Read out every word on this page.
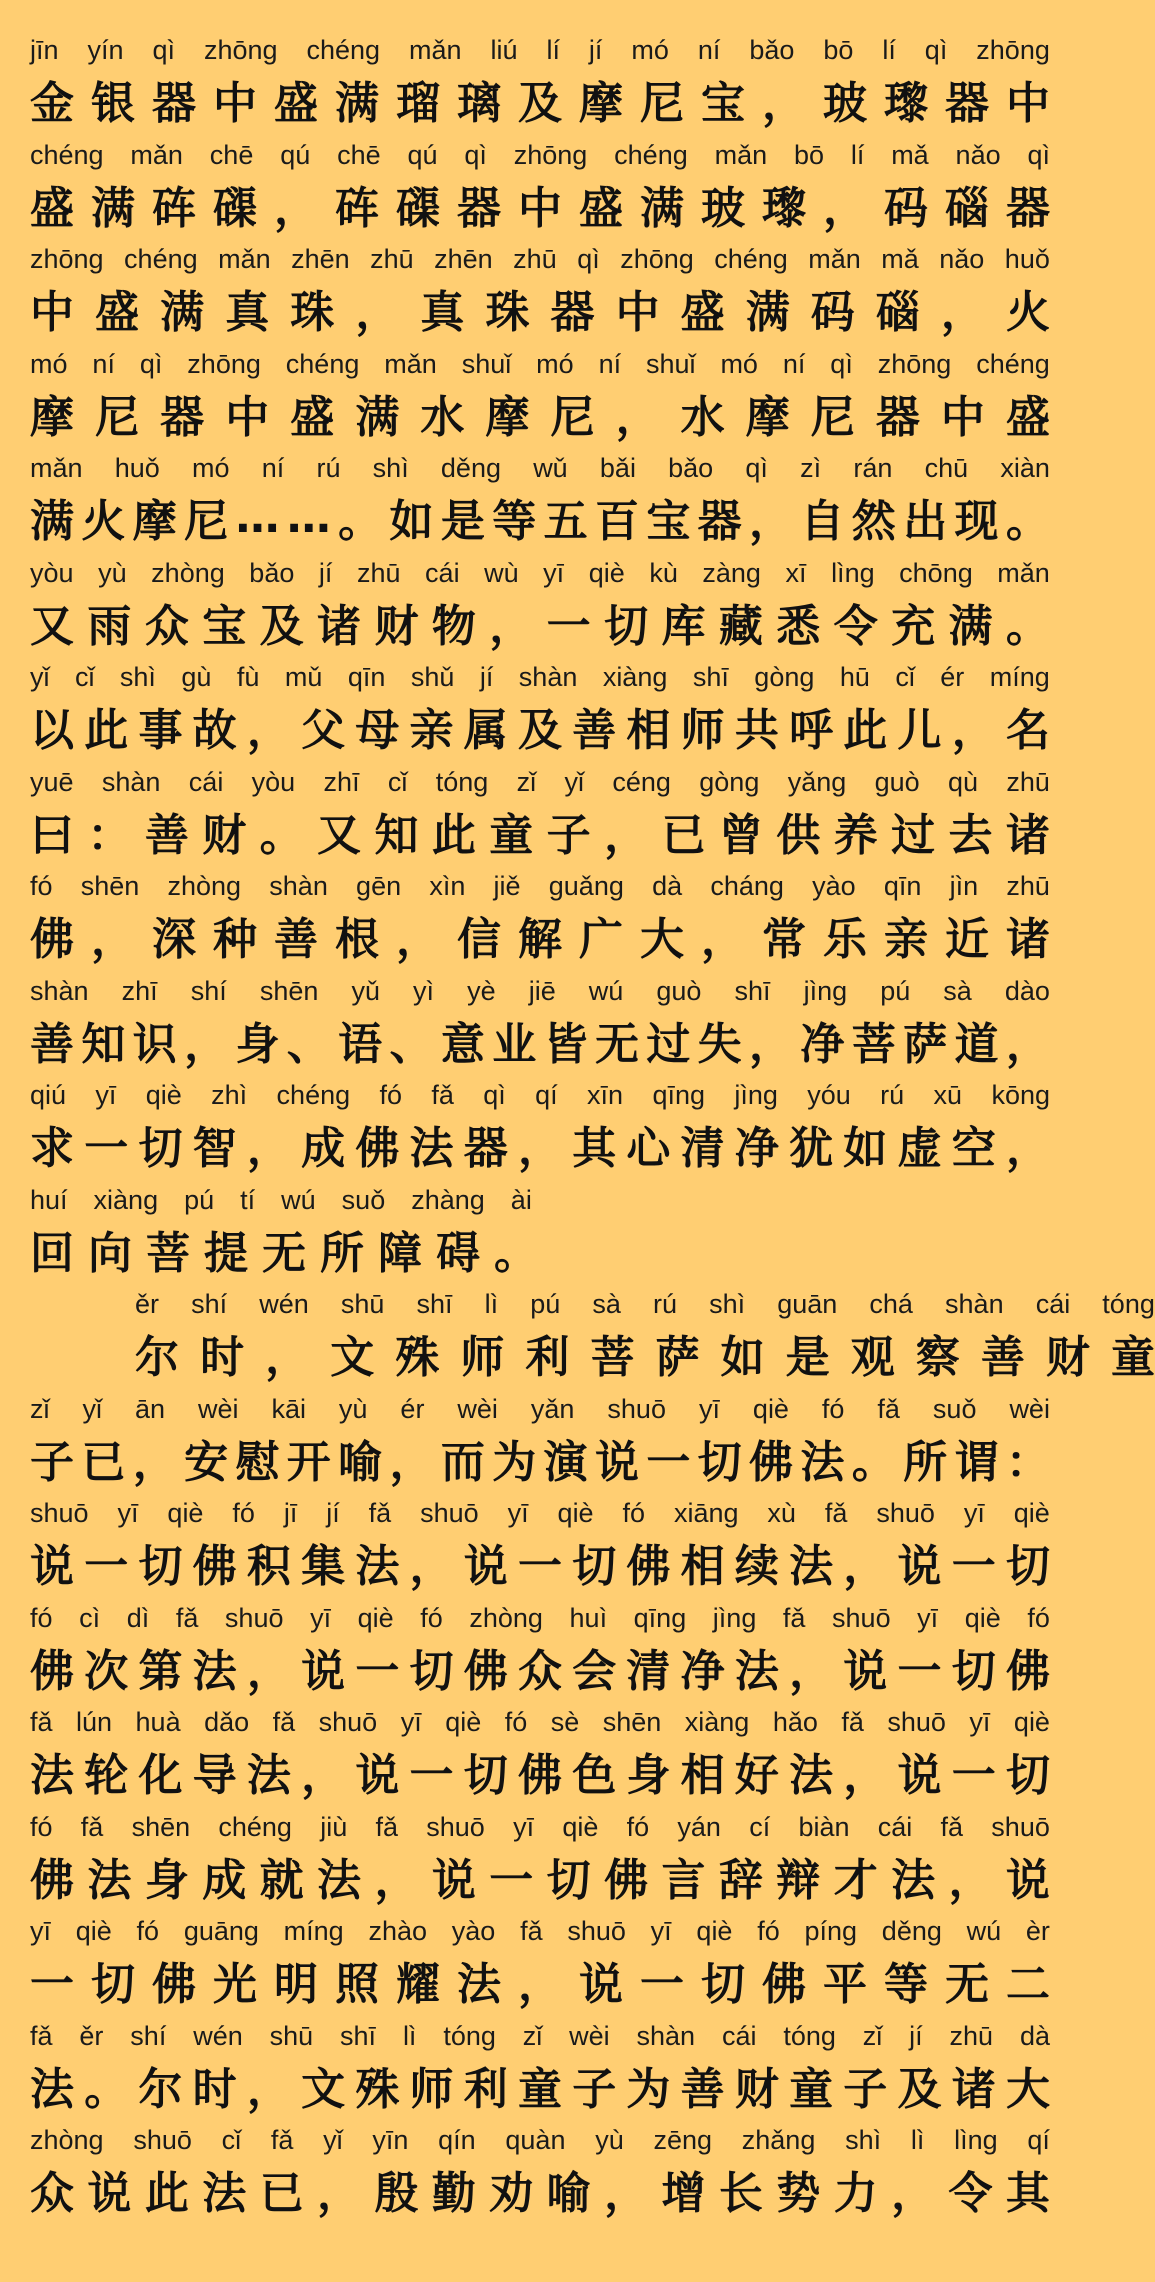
jīn yín qì zhōng chéng mǎn liú lí jí mó ní bǎo bō lí qì zhōng
金 银 器 中 盛 满 瑠 璃 及 摩 尼 宝 ， 玻 瓈 器 中
chéng mǎn chē qú chē qú qì zhōng chéng mǎn bō lí mǎ nǎo qì
盛 满 砗 磲 ， 砗 磲 器 中 盛 满 玻 瓈 ， 码 碯 器
zhōng chéng mǎn zhēn zhū zhēn zhū qì zhōng chéng mǎn mǎ nǎo huǒ
中 盛 满 真 珠 ， 真 珠 器 中 盛 满 码 碯 ， 火
mó ní qì zhōng chéng mǎn shuǐ mó ní shuǐ mó ní qì zhōng chéng
摩 尼 器 中 盛 满 水 摩 尼 ， 水 摩 尼 器 中 盛
mǎn huǒ mó ní rú shì děng wǔ bǎi bǎo qì zì rán chū xiàn
满 火 摩 尼 … … 。 如 是 等 五 百 宝 器 ， 自 然 出 现 。
yòu yù zhòng bǎo jí zhū cái wù yī qiè kù zàng xī lìng chōng mǎn
又 雨 众 宝 及 诸 财 物 ， 一 切 库 藏 悉 令 充 满 。
yǐ cǐ shì gù fù mǔ qīn shǔ jí shàn xiàng shī gòng hū cǐ ér míng
以 此 事 故 ， 父 母 亲 属 及 善 相 师 共 呼 此 儿 ， 名
yuē shàn cái yòu zhī cǐ tóng zǐ yǐ céng gòng yǎng guò qù zhū
曰 ： 善 财 。 又 知 此 童 子 ， 已 曾 供 养 过 去 诸
fó shēn zhòng shàn gēn xìn jiě guǎng dà cháng yào qīn jìn zhū
佛 ， 深 种 善 根 ， 信 解 广 大 ， 常 乐 亲 近 诸
shàn zhī shí shēn yǔ yì yè jiē wú guò shī jìng pú sà dào
善 知 识 ， 身 、 语 、 意 业 皆 无 过 失 ， 净 菩 萨 道 ，
qiú yī qiè zhì chéng fó fǎ qì qí xīn qīng jìng yóu rú xū kōng
求 一 切 智 ， 成 佛 法 器 ， 其 心 清 净 犹 如 虚 空 ，
huí xiàng pú tí wú suǒ zhàng ài
回 向 菩 提 无 所 障 碍 。
ěr shí wén shū shī lì pú sà rú shì guān chá shàn cái tóng
尔 时 ， 文 殊 师 利 菩 萨 如 是 观 察 善 财 童
zǐ yǐ ān wèi kāi yù ér wèi yǎn shuō yī qiè fó fǎ suǒ wèi
子 已 ， 安 慰 开 喻 ， 而 为 演 说 一 切 佛 法 。 所 谓 ：
shuō yī qiè fó jī jí fǎ shuō yī qiè fó xiāng xù fǎ shuō yī qiè
说 一 切 佛 积 集 法 ， 说 一 切 佛 相 续 法 ， 说 一 切
fó cì dì fǎ shuō yī qiè fó zhòng huì qīng jìng fǎ shuō yī qiè fó
佛 次 第 法 ， 说 一 切 佛 众 会 清 净 法 ， 说 一 切 佛
fǎ lún huà dǎo fǎ shuō yī qiè fó sè shēn xiàng hǎo fǎ shuō yī qiè
法 轮 化 导 法 ， 说 一 切 佛 色 身 相 好 法 ， 说 一 切
fó fǎ shēn chéng jiù fǎ shuō yī qiè fó yán cí biàn cái fǎ shuō
佛 法 身 成 就 法 ， 说 一 切 佛 言 辞 辩 才 法 ， 说
yī qiè fó guāng míng zhào yào fǎ shuō yī qiè fó píng děng wú èr
一 切 佛 光 明 照 耀 法 ， 说 一 切 佛 平 等 无 二
fǎ ěr shí wén shū shī lì tóng zǐ wèi shàn cái tóng zǐ jí zhū dà
法 。 尔 时 ， 文 殊 师 利 童 子 为 善 财 童 子 及 诸 大
zhòng shuō cǐ fǎ yǐ yīn qín quàn yù zēng zhǎng shì lì lìng qí
众 说 此 法 已 ， 殷 勤 劝 喻 ， 增 长 势 力 ， 令 其
